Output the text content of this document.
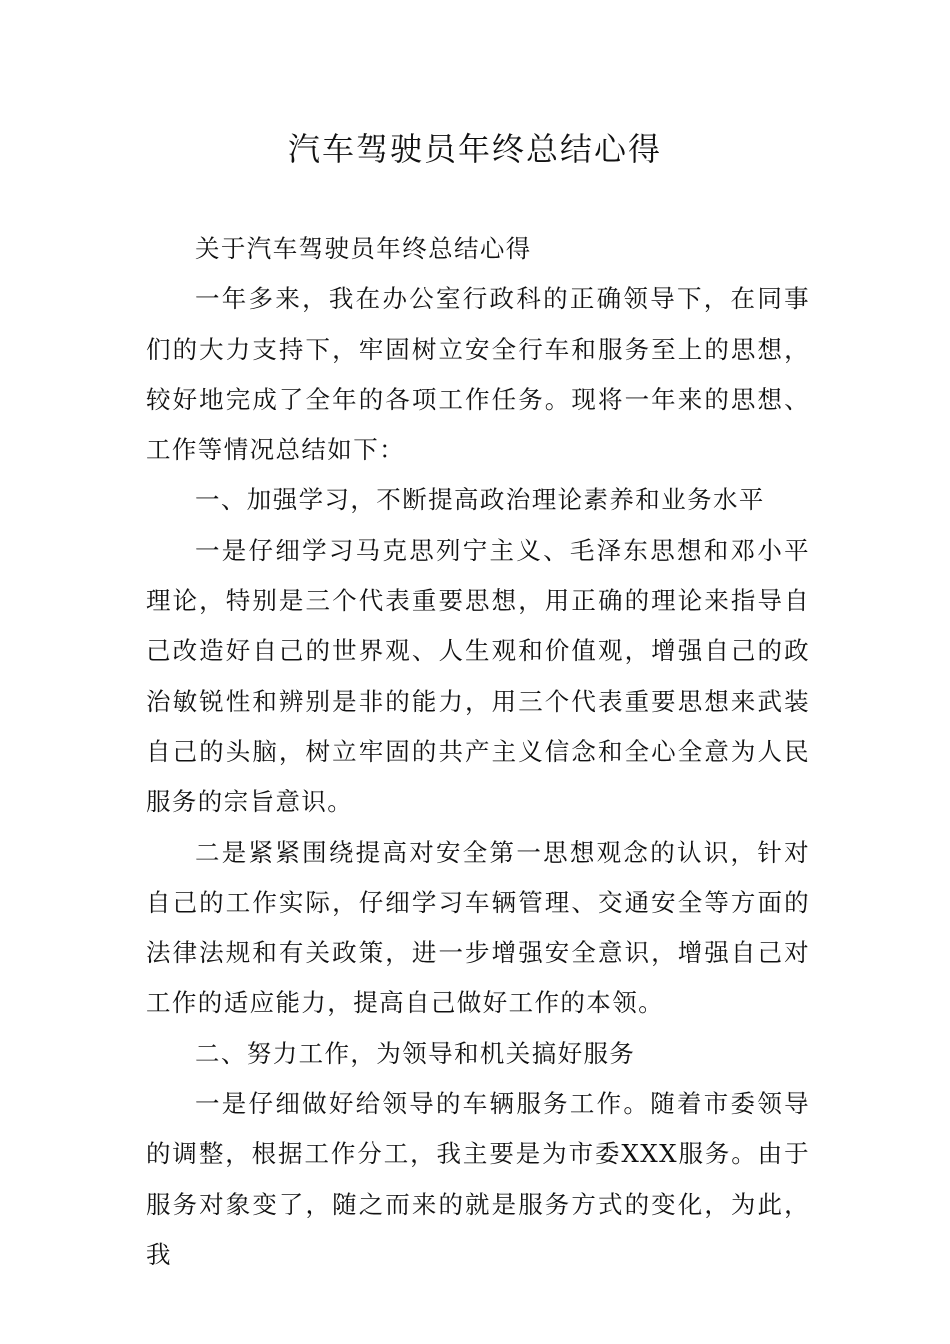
汽车驾驶员年终总结心得

关于汽车驾驶员年终总结心得

一年多来，我在办公室行政科的正确领导下，在同事们的大力支持下，牢固树立安全行车和服务至上的思想，较好地完成了全年的各项工作任务。现将一年来的思想、工作等情况总结如下：

一、加强学习，不断提高政治理论素养和业务水平

一是仔细学习马克思列宁主义、毛泽东思想和邓小平理论，特别是三个代表重要思想，用正确的理论来指导自己改造好自己的世界观、人生观和价值观，增强自己的政治敏锐性和辨别是非的能力，用三个代表重要思想来武装自己的头脑，树立牢固的共产主义信念和全心全意为人民服务的宗旨意识。

二是紧紧围绕提高对安全第一思想观念的认识，针对自己的工作实际，仔细学习车辆管理、交通安全等方面的法律法规和有关政策，进一步增强安全意识，增强自己对工作的适应能力，提高自己做好工作的本领。

二、努力工作，为领导和机关搞好服务

一是仔细做好给领导的车辆服务工作。随着市委领导的调整，根据工作分工，我主要是为市委XXX服务。由于服务对象变了，随之而来的就是服务方式的变化，为此，我
